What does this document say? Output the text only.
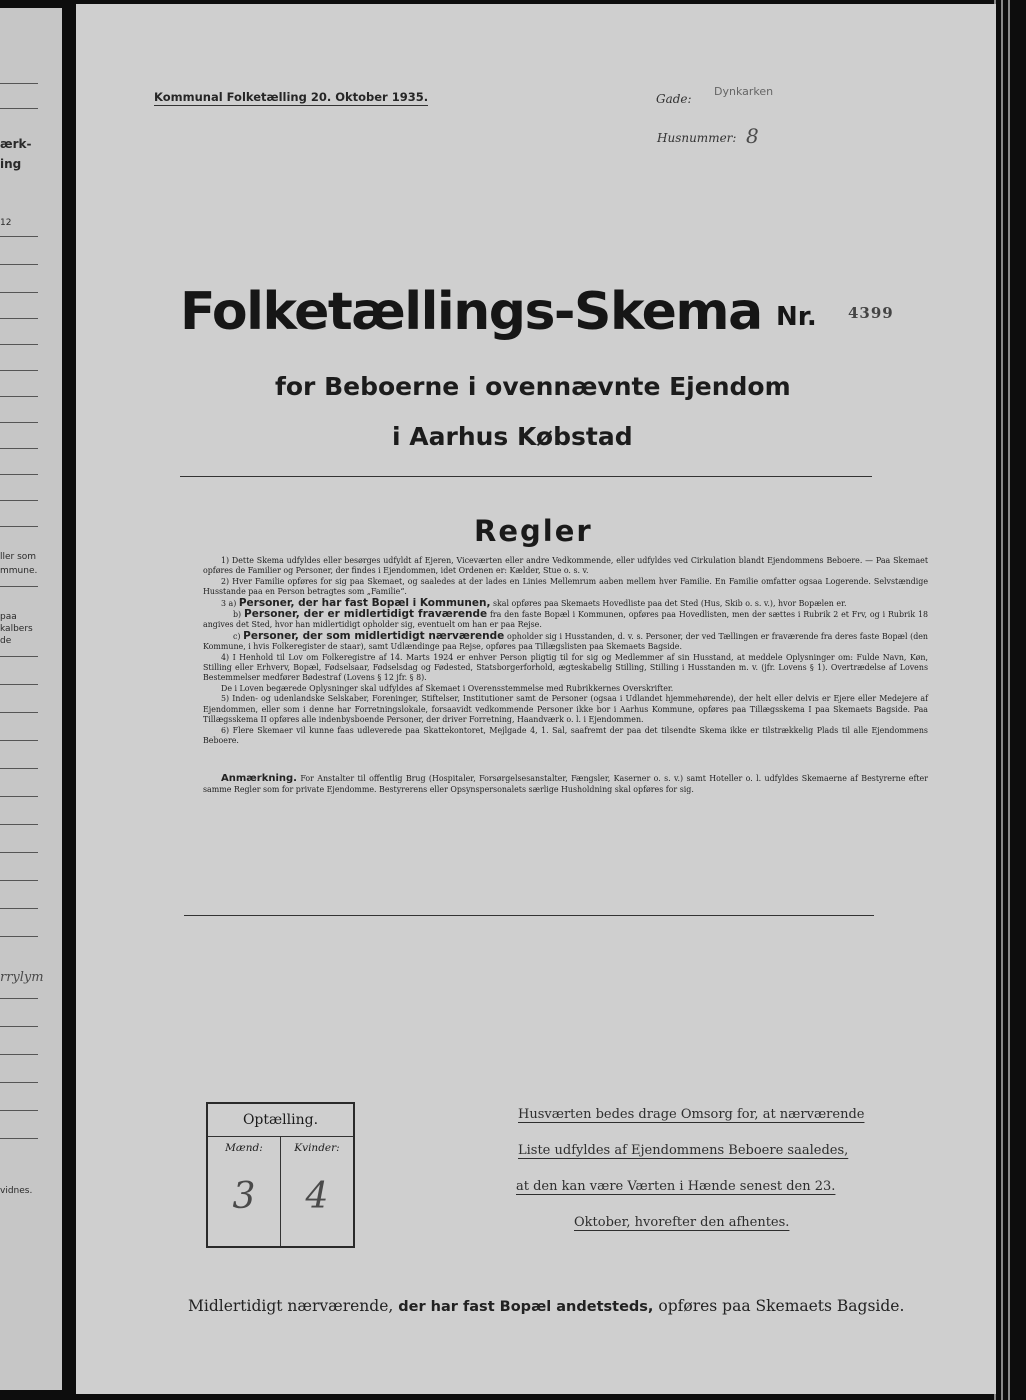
ærk-
ing
12
ller som
mmune.
paa
kalbers
de
rrylym
vidnes.
Kommunal Folketælling 20. Oktober 1935.	Gade:
Dynkarken
Husnummer: 8
Folketællings-Skema Nr. 4399
for Beboerne i ovennævnte Ejendom
i Aarhus Købstad
Regler

1) Dette Skema udfyldes eller besørges udfyldt af Ejeren, Viceværten eller andre Vedkommende, eller udfyldes ved Cirkulation blandt Ejendommens Beboere. — Paa Skemaet opføres de Familier og Personer, der findes i Ejendommen, idet Ordenen er: Kælder, Stue o. s. v.

2) Hver Familie opføres for sig paa Skemaet, og saaledes at der lades en Linies Mellemrum aaben mellem hver Familie. En Familie omfatter ogsaa Logerende. Selvstændige Husstande paa en Person betragtes som „Familie“.

3 a) Personer, der har fast Bopæl i Kommunen, skal opføres paa Skemaets Hovedliste paa det Sted (Hus, Skib o. s. v.), hvor Bopælen er.

b) Personer, der er midlertidigt fraværende fra den faste Bopæl i Kommunen, opføres paa Hovedlisten, men der sættes i Rubrik 2 et Frv, og i Rubrik 18 angives det Sted, hvor han midlertidigt opholder sig, eventuelt om han er paa Rejse.

c) Personer, der som midlertidigt nærværende opholder sig i Husstanden, d. v. s. Personer, der ved Tællingen er fraværende fra deres faste Bopæl (den Kommune, i hvis Folkeregister de staar), samt Udlændinge paa Rejse, opføres paa Tillægslisten paa Skemaets Bagside.

4) I Henhold til Lov om Folkeregistre af 14. Marts 1924 er enhver Person pligtig til for sig og Medlemmer af sin Husstand, at meddele Oplysninger om: Fulde Navn, Køn, Stilling eller Erhverv, Bopæl, Fødselsaar, Fødselsdag og Fødested, Statsborgerforhold, ægteskabelig Stilling, Stilling i Husstanden m. v. (jfr. Lovens § 1). Overtrædelse af Lovens Bestemmelser medfører Bødestraf (Lovens § 12 jfr. § 8).

De i Loven begærede Oplysninger skal udfyldes af Skemaet i Overensstemmelse med Rubrikkernes Overskrifter.

5) Inden- og udenlandske Selskaber, Foreninger, Stiftelser, Institutioner samt de Personer (ogsaa i Udlandet hjemmehørende), der helt eller delvis er Ejere eller Medejere af Ejendommen, eller som i denne har Forretningslokale, forsaavidt vedkommende Personer ikke bor i Aarhus Kommune, opføres paa Tillægsskema I paa Skemaets Bagside. Paa Tillægsskema II opføres alle indenbysboende Personer, der driver Forretning, Haandværk o. l. i Ejendommen.

6) Flere Skemaer vil kunne faas udleverede paa Skattekontoret, Mejlgade 4, 1. Sal, saafremt der paa det tilsendte Skema ikke er tilstrækkelig Plads til alle Ejendommens Beboere.

Anmærkning. For Anstalter til offentlig Brug (Hospitaler, Forsørgelsesanstalter, Fængsler, Kaserner o. s. v.) samt Hoteller o. l. udfyldes Skemaerne af Bestyrerne efter samme Regler som for private Ejendomme. Bestyrerens eller Opsynspersonalets særlige Husholdning skal opføres for sig.

Optælling.
Mænd:	Kvinder:
3	4
Husværten bedes drage Omsorg for, at nærværende
Liste udfyldes af Ejendommens Beboere saaledes,
at den kan være Værten i Hænde senest den 23.
Oktober, hvorefter den afhentes.
Midlertidigt nærværende, der har fast Bopæl andetsteds, opføres paa Skemaets Bagside.
